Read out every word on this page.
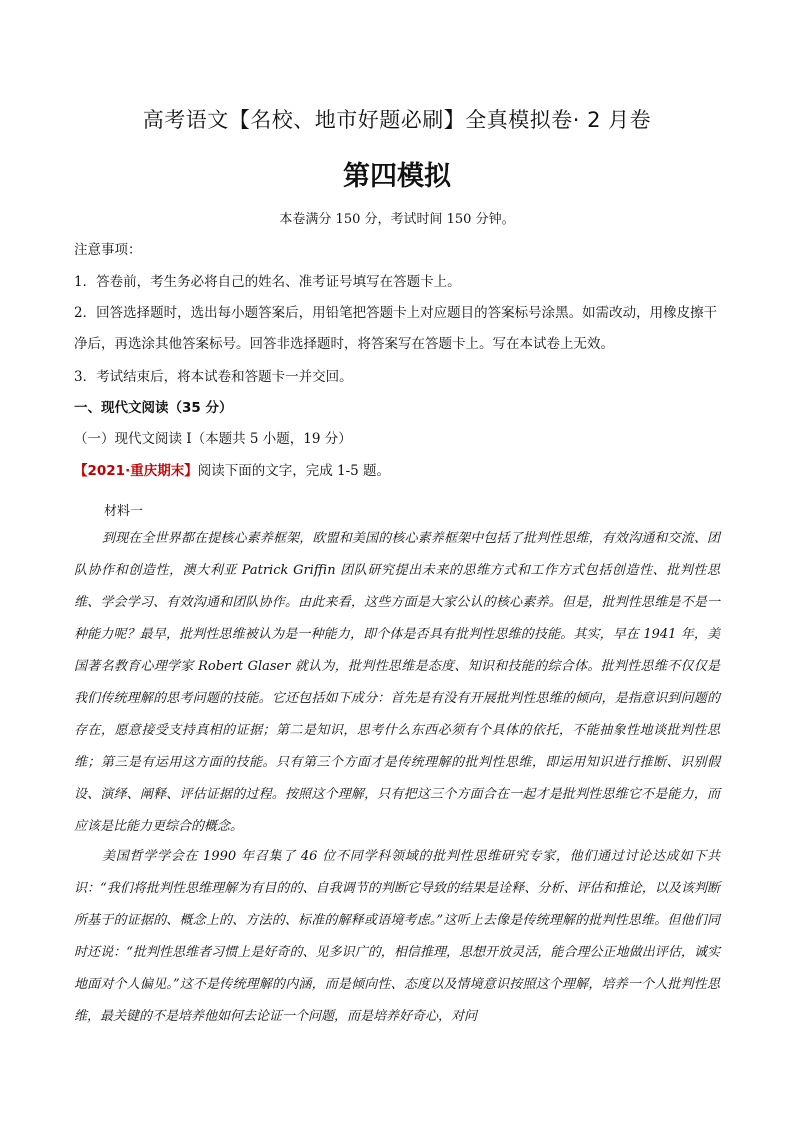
高考语文【名校、地市好题必刷】全真模拟卷· 2 月卷
第四模拟
本卷满分 150 分，考试时间 150 分钟。
注意事项：
1．答卷前，考生务必将自己的姓名、准考证号填写在答题卡上。
2．回答选择题时，选出每小题答案后，用铅笔把答题卡上对应题目的答案标号涂黑。如需改动，用橡皮擦干净后，再选涂其他答案标号。回答非选择题时，将答案写在答题卡上。写在本试卷上无效。
3．考试结束后，将本试卷和答题卡一并交回。
一、现代文阅读（35 分）
（一）现代文阅读 I（本题共 5 小题，19 分）
【2021·重庆期末】阅读下面的文字，完成 1-5 题。
材料一
到现在全世界都在提核心素养框架，欧盟和美国的核心素养框架中包括了批判性思维，有效沟通和交流、团队协作和创造性，澳大利亚 Patrick Griffin 团队研究提出未来的思维方式和工作方式包括创造性、批判性思维、学会学习、有效沟通和团队协作。由此来看，这些方面是大家公认的核心素养。但是，批判性思维是不是一种能力呢？最早，批判性思维被认为是一种能力，即个体是否具有批判性思维的技能。其实，早在 1941 年，美国著名教育心理学家 Robert Glaser 就认为，批判性思维是态度、知识和技能的综合体。批判性思维不仅仅是我们传统理解的思考问题的技能。它还包括如下成分：首先是有没有开展批判性思维的倾向，是指意识到问题的存在，愿意接受支持真相的证据；第二是知识，思考什么东西必须有个具体的依托，不能抽象性地谈批判性思维；第三是有运用这方面的技能。只有第三个方面才是传统理解的批判性思维，即运用知识进行推断、识别假设、演绎、阐释、评估证据的过程。按照这个理解，只有把这三个方面合在一起才是批判性思维它不是能力，而应该是比能力更综合的概念。
美国哲学学会在 1990 年召集了 46 位不同学科领域的批判性思维研究专家，他们通过讨论达成如下共识：“我们将批判性思维理解为有目的的、自我调节的判断它导致的结果是诠释、分析、评估和推论，以及该判断所基于的证据的、概念上的、方法的、标准的解释或语境考虑。”这听上去像是传统理解的批判性思维。但他们同时还说：“批判性思维者习惯上是好奇的、见多识广的，相信推理，思想开放灵活，能合理公正地做出评估，诚实地面对个人偏见。”这不是传统理解的内涵，而是倾向性、态度以及情境意识按照这个理解，培养一个人批判性思维，最关键的不是培养他如何去论证一个问题，而是培养好奇心，对问
